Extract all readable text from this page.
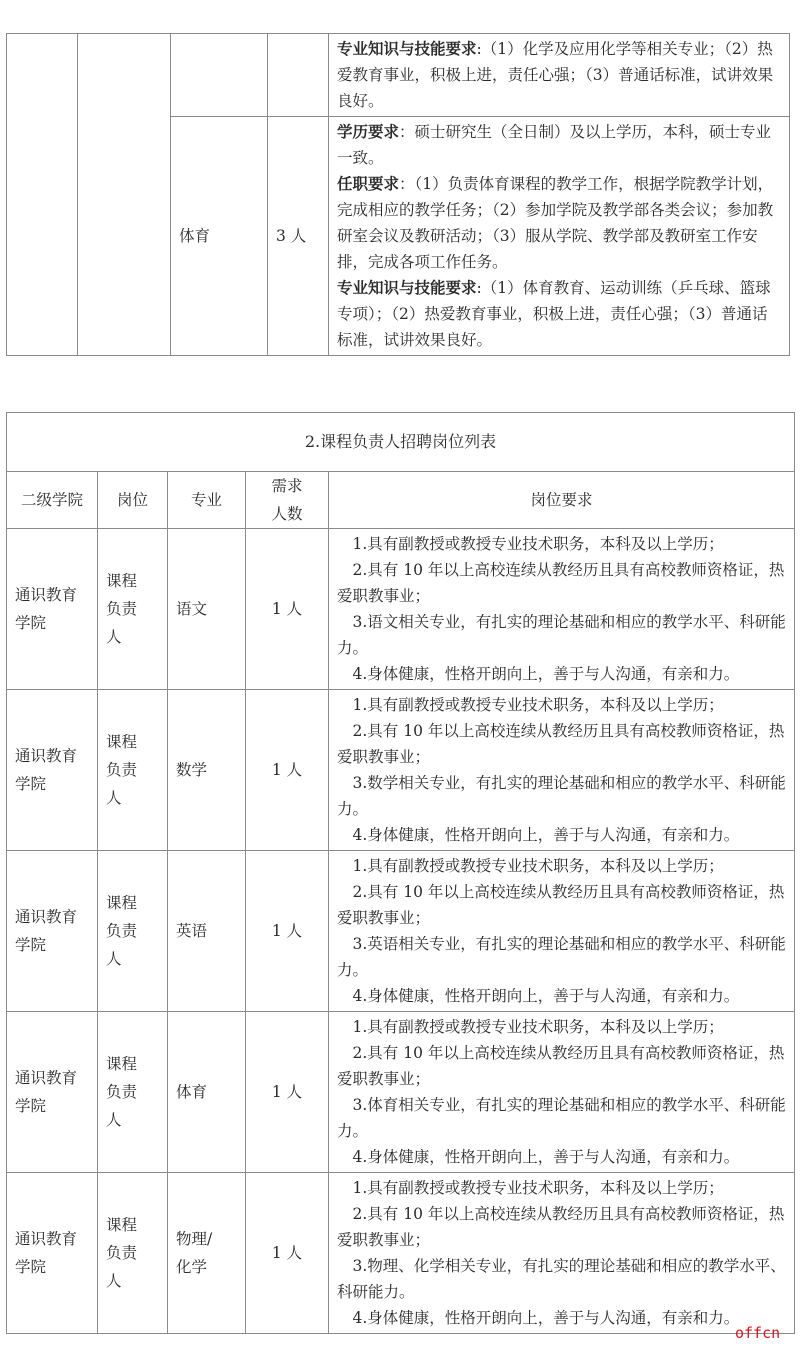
				专业知识与技能要求:（1）化学及应用化学等相关专业；（2）热爱教育事业，积极上进，责任心强；（3）普通话标准，试讲效果良好。

		体育	3 人	学历要求：硕士研究生（全日制）及以上学历，本科，硕士专业一致。

任职要求：（1）负责体育课程的教学工作，根据学院教学计划，完成相应的教学任务；（2）参加学院及教学部各类会议；参加教研室会议及教研活动；（3）服从学院、教学部及教研室工作安排，完成各项工作任务。

专业知识与技能要求:（1）体育教育、运动训练（乒乓球、篮球专项）；（2）热爱教育事业，积极上进，责任心强；（3）普通话标准，试讲效果良好。

2.课程负责人招聘岗位列表				
二级学院	岗位	专业	需求人数	岗位要求
通识教育学院	课程负责人	语文	1 人	1.具有副教授或教授专业技术职务，本科及以上学历；

2.具有 10 年以上高校连续从教经历且具有高校教师资格证，热爱职教事业；

3.语文相关专业，有扎实的理论基础和相应的教学水平、科研能力。

4.身体健康，性格开朗向上，善于与人沟通，有亲和力。

通识教育学院	课程负责人	数学	1 人	1.具有副教授或教授专业技术职务，本科及以上学历；

2.具有 10 年以上高校连续从教经历且具有高校教师资格证，热爱职教事业；

3.数学相关专业，有扎实的理论基础和相应的教学水平、科研能力。

4.身体健康，性格开朗向上，善于与人沟通，有亲和力。

通识教育学院	课程负责人	英语	1 人	1.具有副教授或教授专业技术职务，本科及以上学历；

2.具有 10 年以上高校连续从教经历且具有高校教师资格证，热爱职教事业；

3.英语相关专业，有扎实的理论基础和相应的教学水平、科研能力。

4.身体健康，性格开朗向上，善于与人沟通，有亲和力。

通识教育学院	课程负责人	体育	1 人	1.具有副教授或教授专业技术职务，本科及以上学历；

2.具有 10 年以上高校连续从教经历且具有高校教师资格证，热爱职教事业；

3.体育相关专业，有扎实的理论基础和相应的教学水平、科研能力。

4.身体健康，性格开朗向上，善于与人沟通，有亲和力。

通识教育学院	课程负责人	物理/化学	1 人	1.具有副教授或教授专业技术职务，本科及以上学历；

2.具有 10 年以上高校连续从教经历且具有高校教师资格证，热爱职教事业；

3.物理、化学相关专业，有扎实的理论基础和相应的教学水平、科研能力。

4.身体健康，性格开朗向上，善于与人沟通，有亲和力。

offcn
